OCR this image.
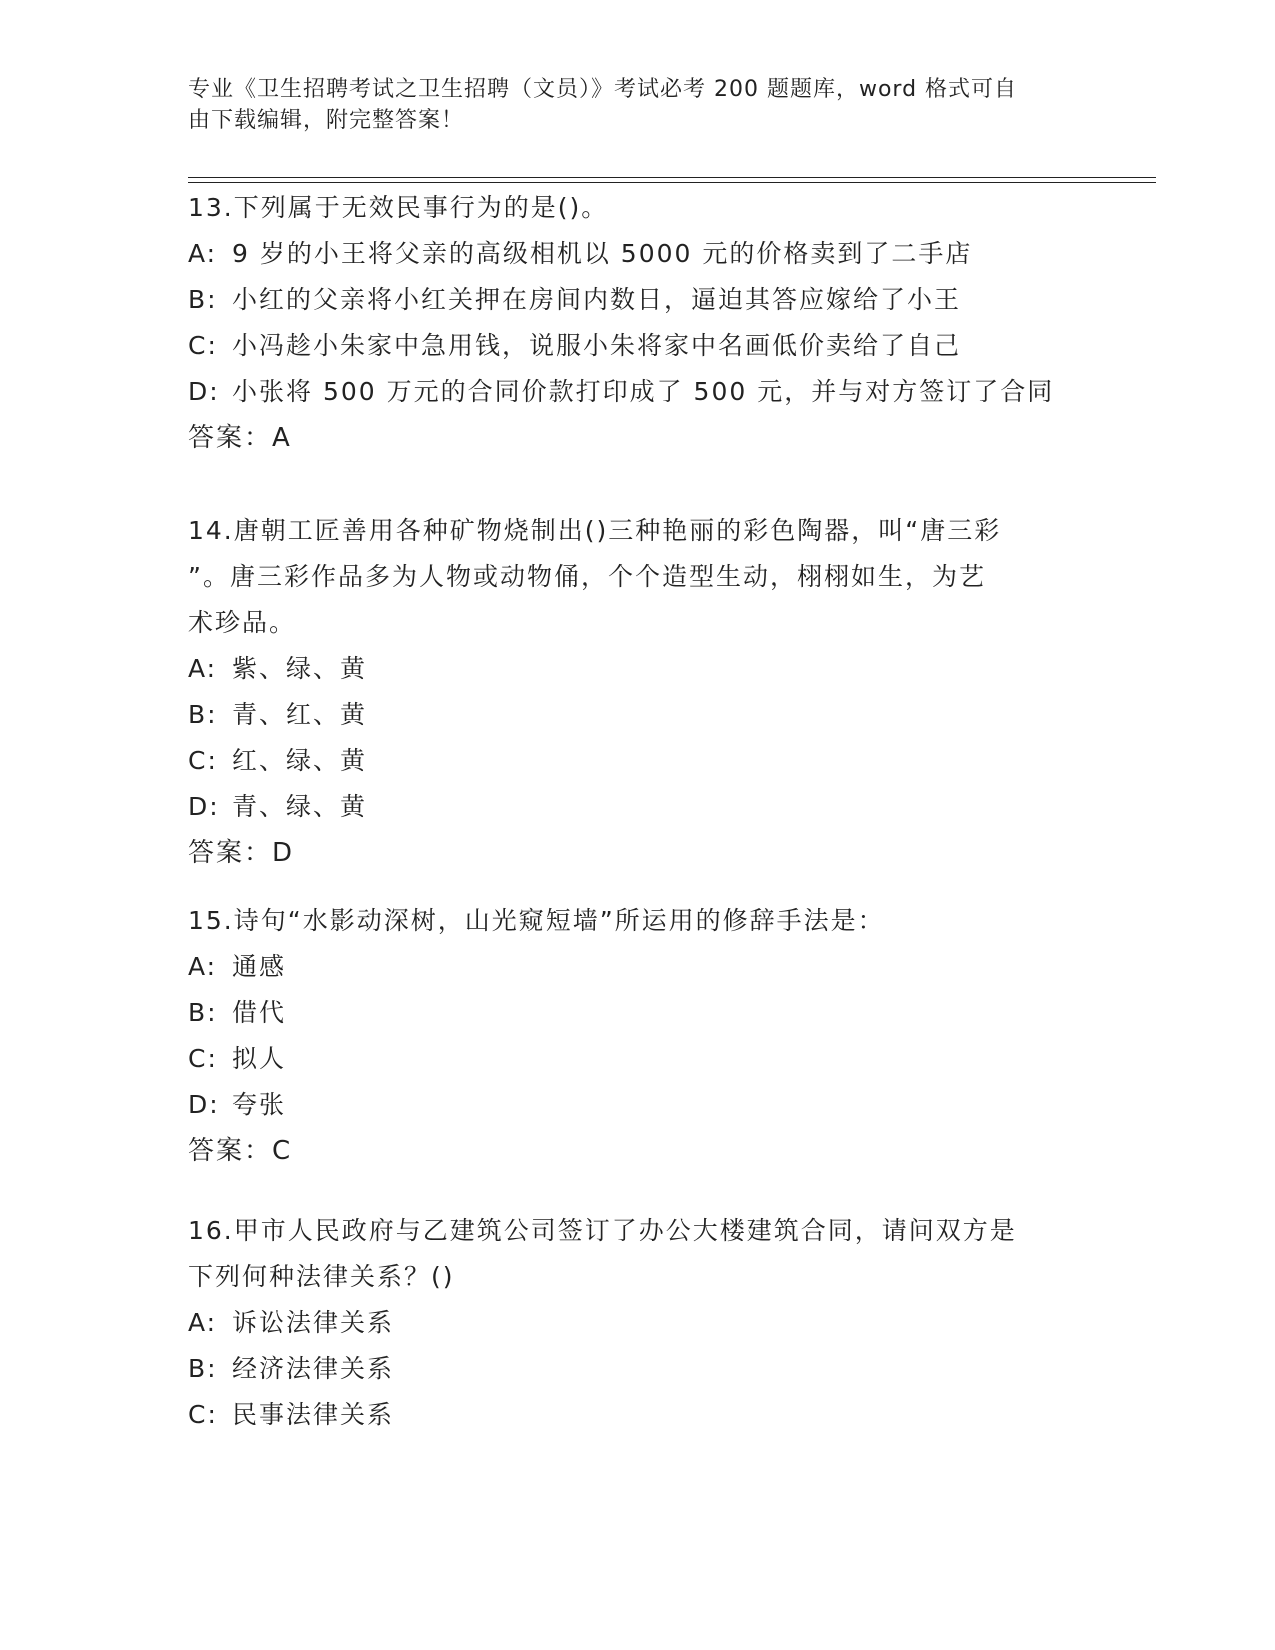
专业《卫生招聘考试之卫生招聘（文员）》考试必考 200 题题库，word 格式可自
由下载编辑，附完整答案！

13.下列属于无效民事行为的是()。

A: 9 岁的小王将父亲的高级相机以 5000 元的价格卖到了二手店

B: 小红的父亲将小红关押在房间内数日，逼迫其答应嫁给了小王

C: 小冯趁小朱家中急用钱，说服小朱将家中名画低价卖给了自己

D: 小张将 500 万元的合同价款打印成了 500 元，并与对方签订了合同

答案：A

14.唐朝工匠善用各种矿物烧制出()三种艳丽的彩色陶器，叫“唐三彩

”。唐三彩作品多为人物或动物俑，个个造型生动，栩栩如生，为艺

术珍品。

A: 紫、绿、黄

B: 青、红、黄

C: 红、绿、黄

D: 青、绿、黄

答案：D

15.诗句“水影动深树，山光窥短墙”所运用的修辞手法是：

A: 通感

B: 借代

C: 拟人

D: 夸张

答案：C

16.甲市人民政府与乙建筑公司签订了办公大楼建筑合同，请问双方是

下列何种法律关系？()

A: 诉讼法律关系

B: 经济法律关系

C: 民事法律关系
